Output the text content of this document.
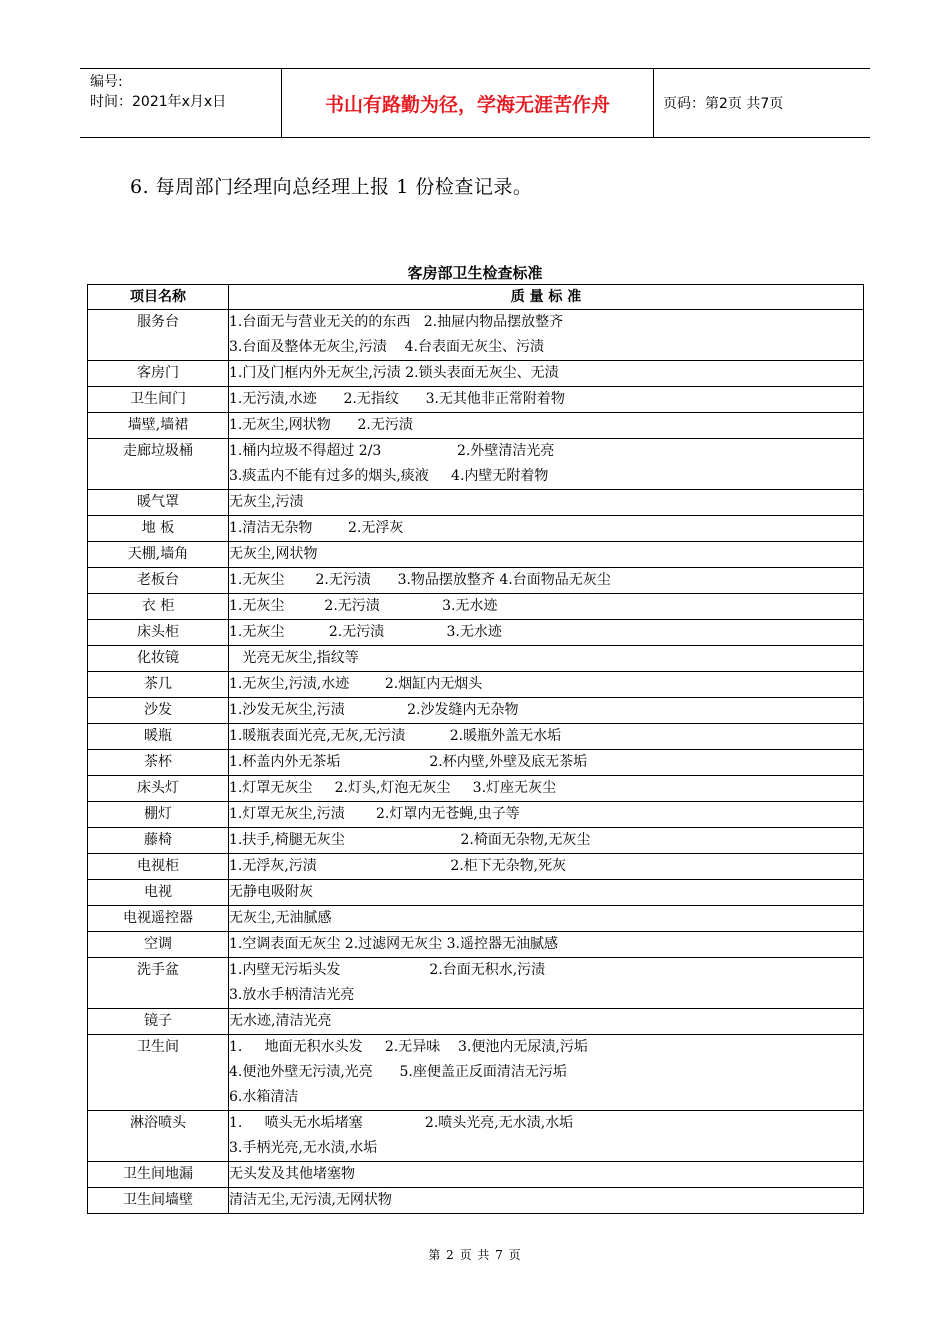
编号:
时间：2021年x月x日	书山有路勤为径，学海无涯苦作舟	页码：第2页 共7页
6. 每周部门经理向总经理上报 1 份检查记录。
客房部卫生检查标准
项目名称	质 量 标 准
服务台	1.台面无与营业无关的的东西   2.抽屉内物品摆放整齐
3.台面及整体无灰尘,污渍    4.台表面无灰尘、污渍

客房门	1.门及门框内外无灰尘,污渍 2.锁头表面无灰尘、无渍

卫生间门	1.无污渍,水迹      2.无指纹      3.无其他非正常附着物

墙壁,墙裙	1.无灰尘,网状物      2.无污渍

走廊垃圾桶	1.桶内垃圾不得超过 2/3                 2.外壁清洁光亮
3.痰盂内不能有过多的烟头,痰液     4.内壁无附着物

暖气罩	无灰尘,污渍

地 板	1.清洁无杂物        2.无浮灰

天棚,墙角	无灰尘,网状物

老板台	1.无灰尘       2.无污渍      3.物品摆放整齐 4.台面物品无灰尘

衣 柜	1.无灰尘         2.无污渍              3.无水迹

床头柜	1.无灰尘          2.无污渍              3.无水迹

化妆镜	光亮无灰尘,指纹等

茶几	1.无灰尘,污渍,水迹        2.烟缸内无烟头

沙发	1.沙发无灰尘,污渍              2.沙发缝内无杂物

暖瓶	1.暖瓶表面光亮,无灰,无污渍          2.暖瓶外盖无水垢

茶杯	1.杯盖内外无茶垢                    2.杯内壁,外壁及底无茶垢

床头灯	1.灯罩无灰尘     2.灯头,灯泡无灰尘     3.灯座无灰尘

棚灯	1.灯罩无灰尘,污渍       2.灯罩内无苍蝇,虫子等

藤椅	1.扶手,椅腿无灰尘                          2.椅面无杂物,无灰尘

电视柜	1.无浮灰,污渍                              2.柜下无杂物,死灰

电视	无静电吸附灰

电视遥控器	无灰尘,无油腻感

空调	1.空调表面无灰尘 2.过滤网无灰尘 3.遥控器无油腻感

洗手盆	1.内壁无污垢头发                    2.台面无积水,污渍
3.放水手柄清洁光亮

镜子	无水迹,清洁光亮

卫生间	1.     地面无积水头发     2.无异味    3.便池内无尿渍,污垢
4.便池外壁无污渍,光亮      5.座便盖正反面清洁无污垢
6.水箱清洁

淋浴喷头	1.     喷头无水垢堵塞              2.喷头光亮,无水渍,水垢
3.手柄光亮,无水渍,水垢

卫生间地漏	无头发及其他堵塞物

卫生间墙壁	清洁无尘,无污渍,无网状物
第 2 页 共 7 页
